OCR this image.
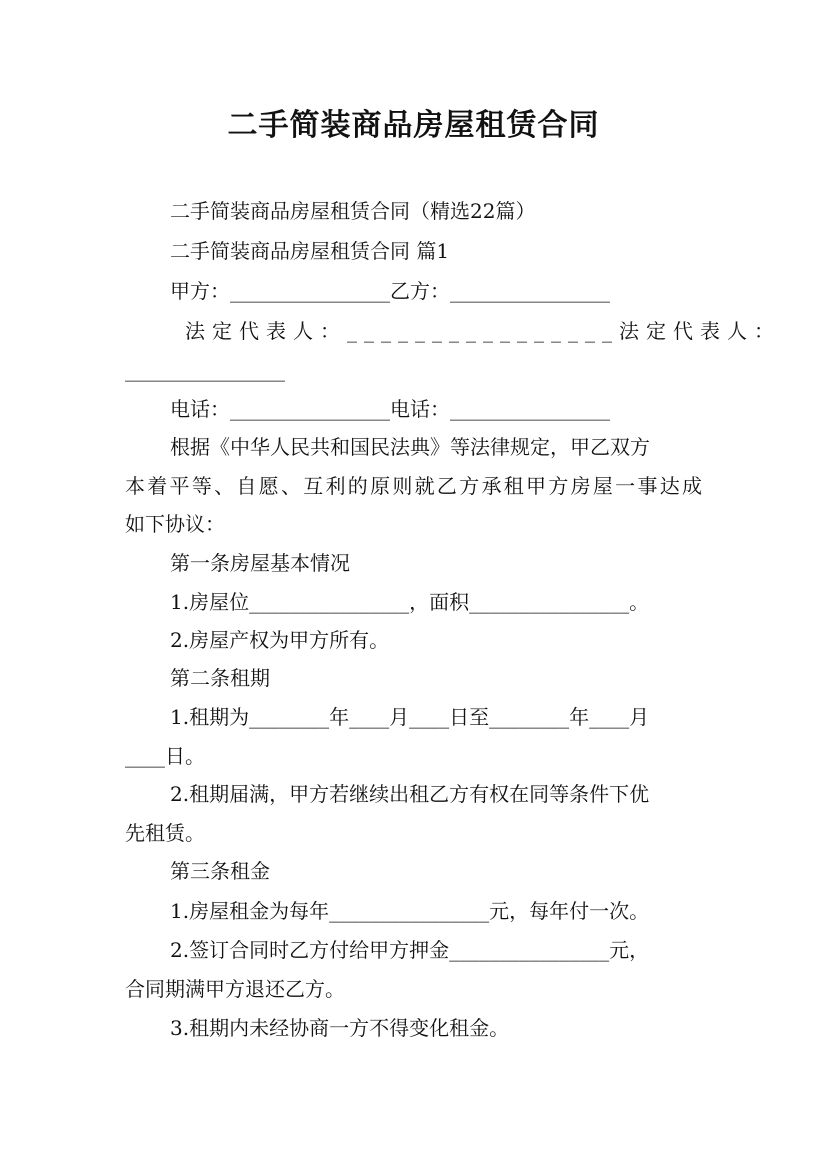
二手简装商品房屋租赁合同
二手简装商品房屋租赁合同（精选22篇）
二手简装商品房屋租赁合同 篇1
甲方：________________乙方：________________
法定代表人：________________法定代表人：
________________
电话：________________电话：________________
根据《中华人民共和国民法典》等法律规定，甲乙双方
本着平等、自愿、互利的原则就乙方承租甲方房屋一事达成
如下协议：
第一条房屋基本情况
1.房屋位________________，面积________________。
2.房屋产权为甲方所有。
第二条租期
1.租期为________年____月____日至________年____月
____日。
2.租期届满，甲方若继续出租乙方有权在同等条件下优
先租赁。
第三条租金
1.房屋租金为每年________________元，每年付一次。
2.签订合同时乙方付给甲方押金________________元，
合同期满甲方退还乙方。
3.租期内未经协商一方不得变化租金。
